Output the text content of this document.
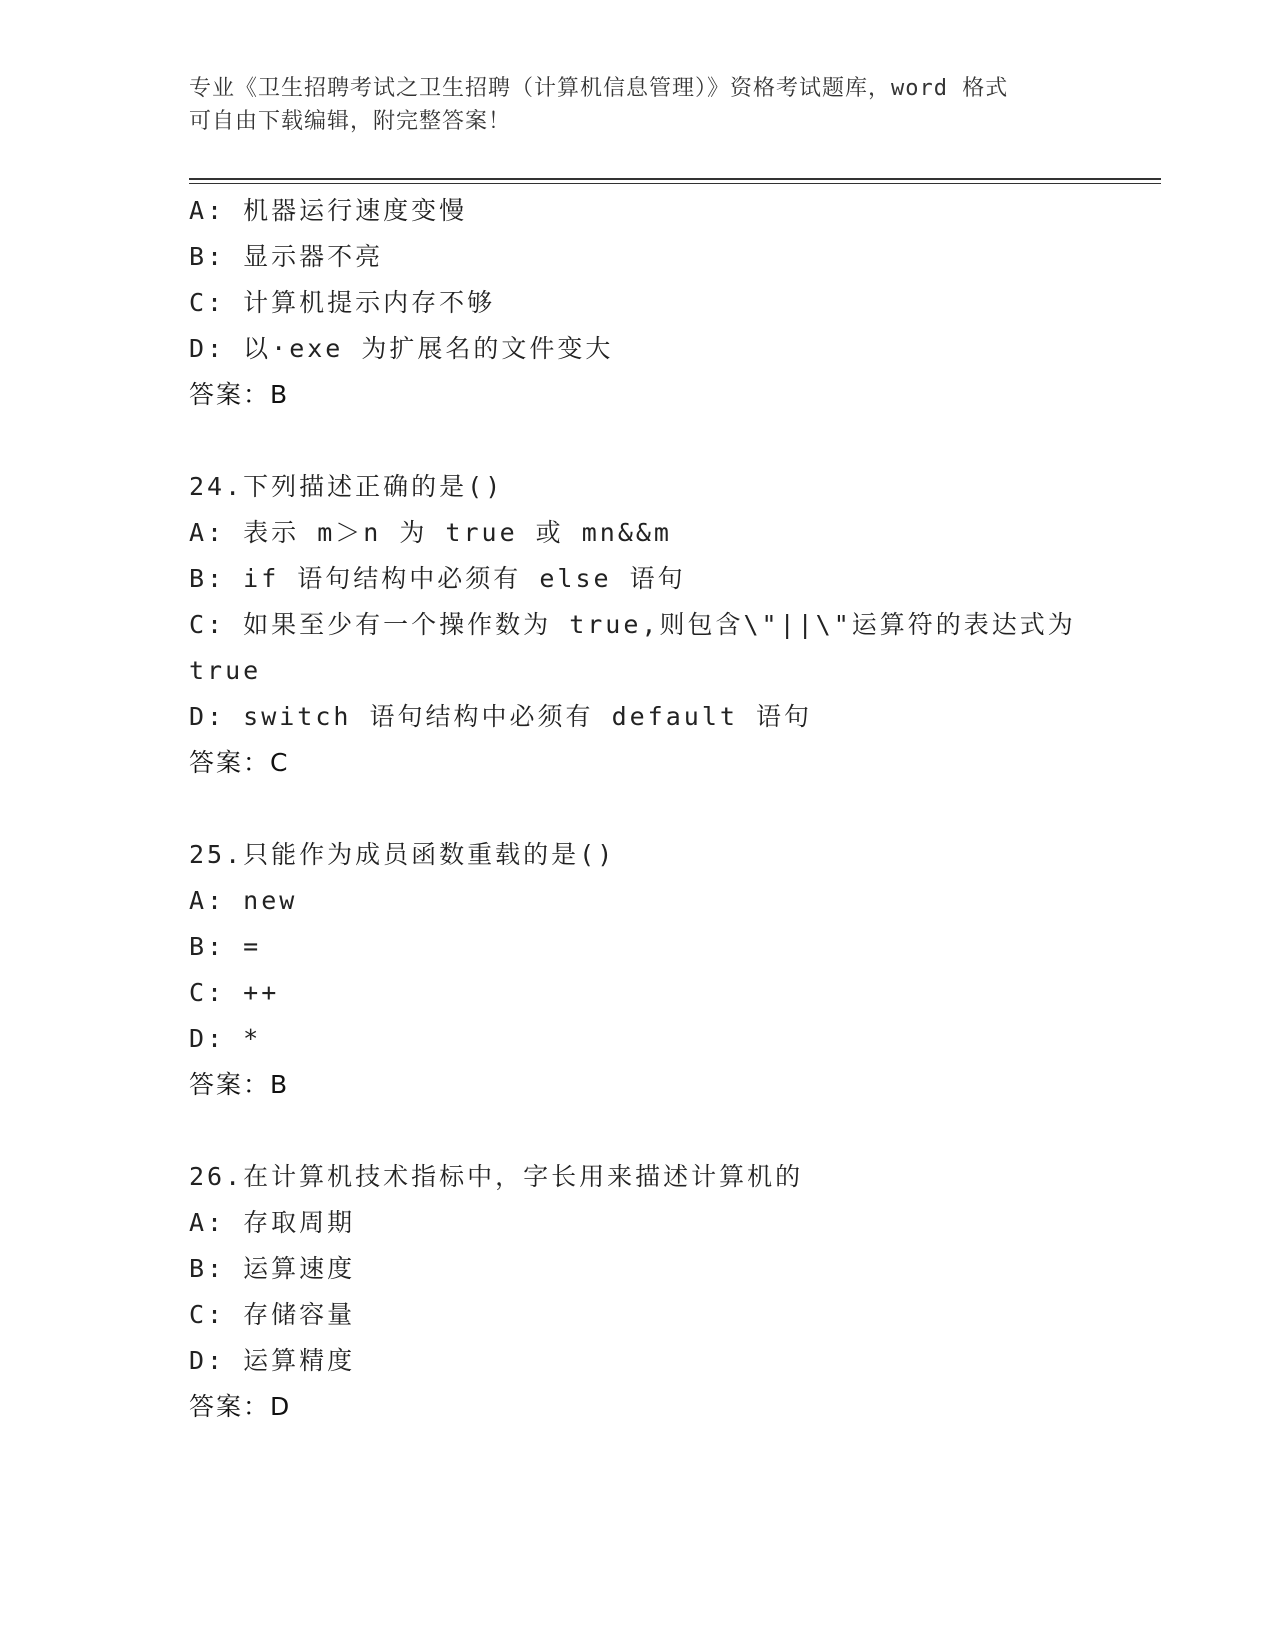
专业《卫生招聘考试之卫生招聘（计算机信息管理）》资格考试题库，word 格式
可自由下载编辑，附完整答案！
A: 机器运行速度变慢
B: 显示器不亮
C: 计算机提示内存不够
D: 以·exe 为扩展名的文件变大
答案：B
24.下列描述正确的是()
A: 表示 m＞n 为 true 或 mn&&m
B: if 语句结构中必须有 else 语句
C: 如果至少有一个操作数为 true,则包含\"||\"运算符的表达式为
true
D: switch 语句结构中必须有 default 语句
答案：C
25.只能作为成员函数重载的是()
A: new
B: =
C: ++
D: *
答案：B
26.在计算机技术指标中，字长用来描述计算机的
A: 存取周期
B: 运算速度
C: 存储容量
D: 运算精度
答案：D
